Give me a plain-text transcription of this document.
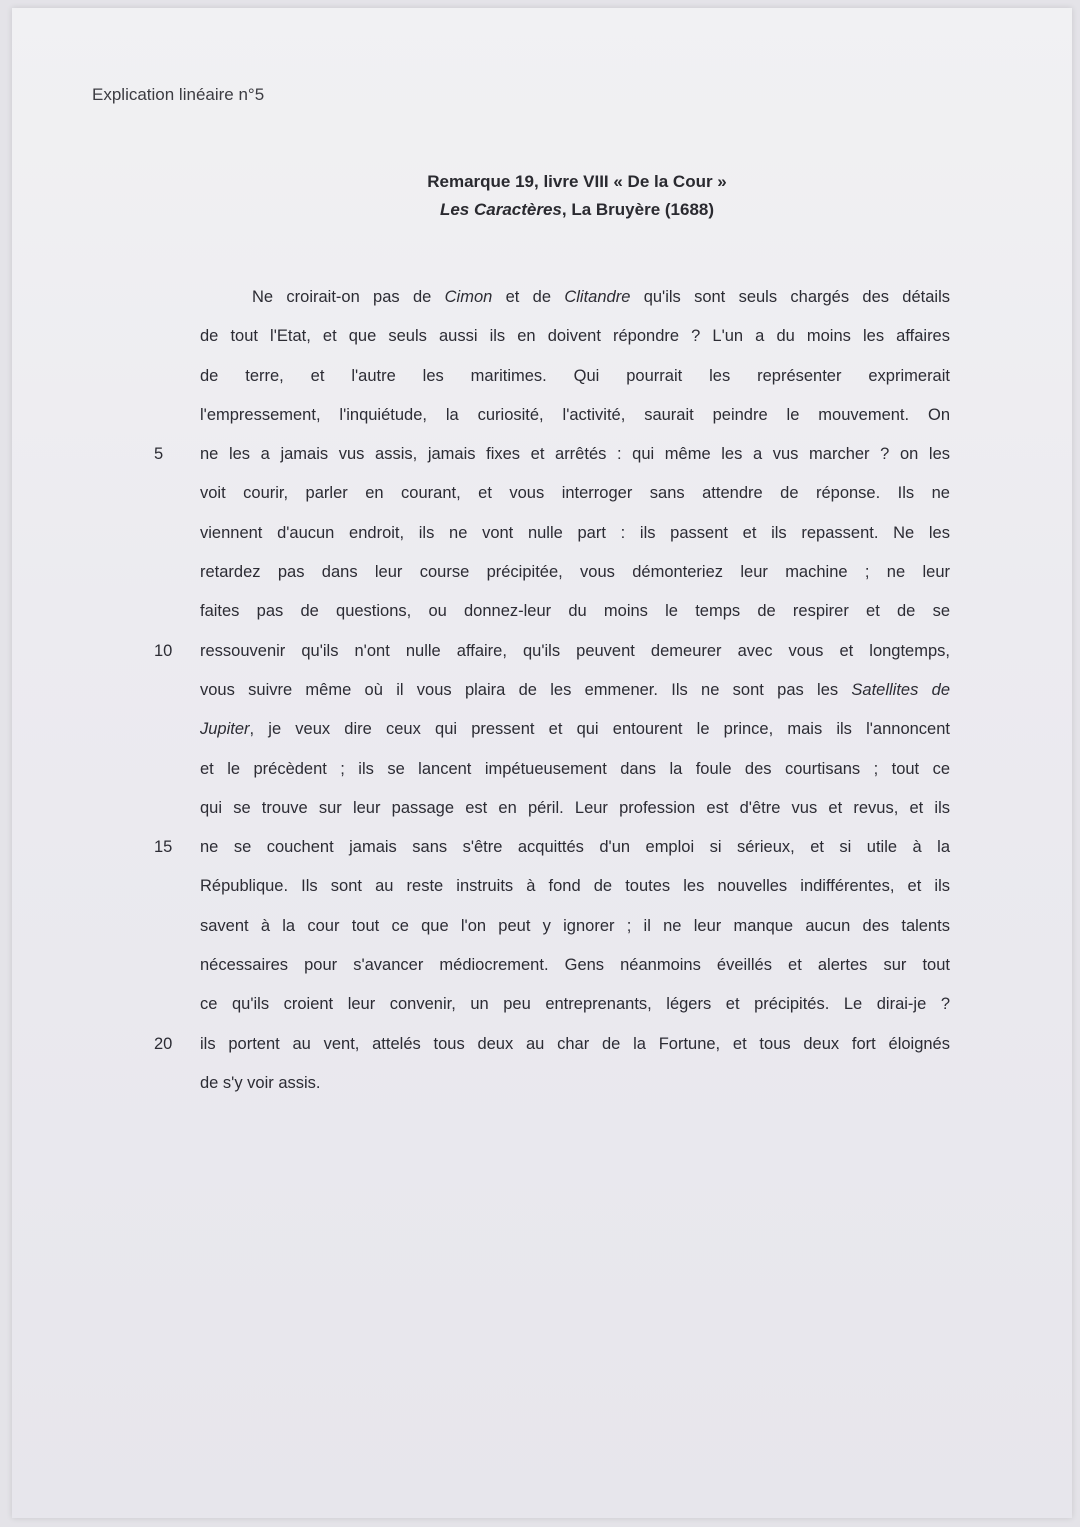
Explication linéaire n°5
Remarque 19, livre VIII « De la Cour »
Les Caractères, La Bruyère (1688)
Ne croirait-on pas de Cimon et de Clitandre qu'ils sont seuls chargés des détails
de tout l'Etat, et que seuls aussi ils en doivent répondre ? L'un a du moins les affaires
de terre, et l'autre les maritimes. Qui pourrait les représenter exprimerait
l'empressement, l'inquiétude, la curiosité, l'activité, saurait peindre le mouvement. On
5	ne les a jamais vus assis, jamais fixes et arrêtés : qui même les a vus marcher ? on les
voit courir, parler en courant, et vous interroger sans attendre de réponse. Ils ne
viennent d'aucun endroit, ils ne vont nulle part : ils passent et ils repassent. Ne les
retardez pas dans leur course précipitée, vous démonteriez leur machine ; ne leur
faites pas de questions, ou donnez-leur du moins le temps de respirer et de se
10	ressouvenir qu'ils n'ont nulle affaire, qu'ils peuvent demeurer avec vous et longtemps,
vous suivre même où il vous plaira de les emmener. Ils ne sont pas les Satellites de
Jupiter, je veux dire ceux qui pressent et qui entourent le prince, mais ils l'annoncent
et le précèdent ; ils se lancent impétueusement dans la foule des courtisans ; tout ce
qui se trouve sur leur passage est en péril. Leur profession est d'être vus et revus, et ils
15	ne se couchent jamais sans s'être acquittés d'un emploi si sérieux, et si utile à la
République. Ils sont au reste instruits à fond de toutes les nouvelles indifférentes, et ils
savent à la cour tout ce que l'on peut y ignorer ; il ne leur manque aucun des talents
nécessaires pour s'avancer médiocrement. Gens néanmoins éveillés et alertes sur tout
ce qu'ils croient leur convenir, un peu entreprenants, légers et précipités. Le dirai-je ?
20	ils portent au vent, attelés tous deux au char de la Fortune, et tous deux fort éloignés
de s'y voir assis.
